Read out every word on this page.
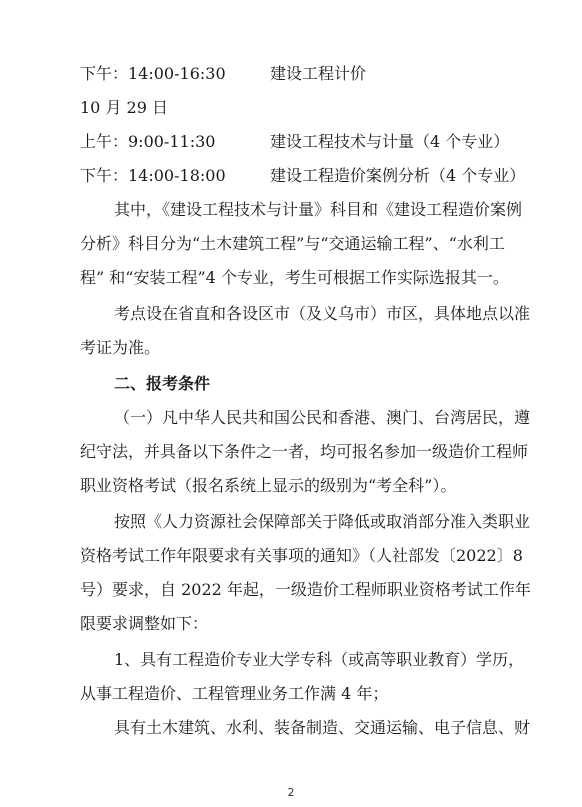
下午：14:00-16:30	建设工程计价
10 月 29 日
上午：9:00-11:30	建设工程技术与计量（4 个专业）
下午：14:00-18:00	建设工程造价案例分析（4 个专业）
其中，《建设工程技术与计量》科目和《建设工程造价案例
分析》科目分为“土木建筑工程”与“交通运输工程”、“水利工
程” 和“安装工程”4 个专业，考生可根据工作实际选报其一。
考点设在省直和各设区市（及义乌市）市区，具体地点以准
考证为准。
二、报考条件
（一）凡中华人民共和国公民和香港、澳门、台湾居民，遵
纪守法，并具备以下条件之一者，均可报名参加一级造价工程师
职业资格考试（报名系统上显示的级别为“考全科”）。
按照《人力资源社会保障部关于降低或取消部分准入类职业
资格考试工作年限要求有关事项的通知》（人社部发〔2022〕8
号）要求，自 2022 年起，一级造价工程师职业资格考试工作年
限要求调整如下：
1、具有工程造价专业大学专科（或高等职业教育）学历，
从事工程造价、工程管理业务工作满 4 年；
具有土木建筑、水利、装备制造、交通运输、电子信息、财
2
